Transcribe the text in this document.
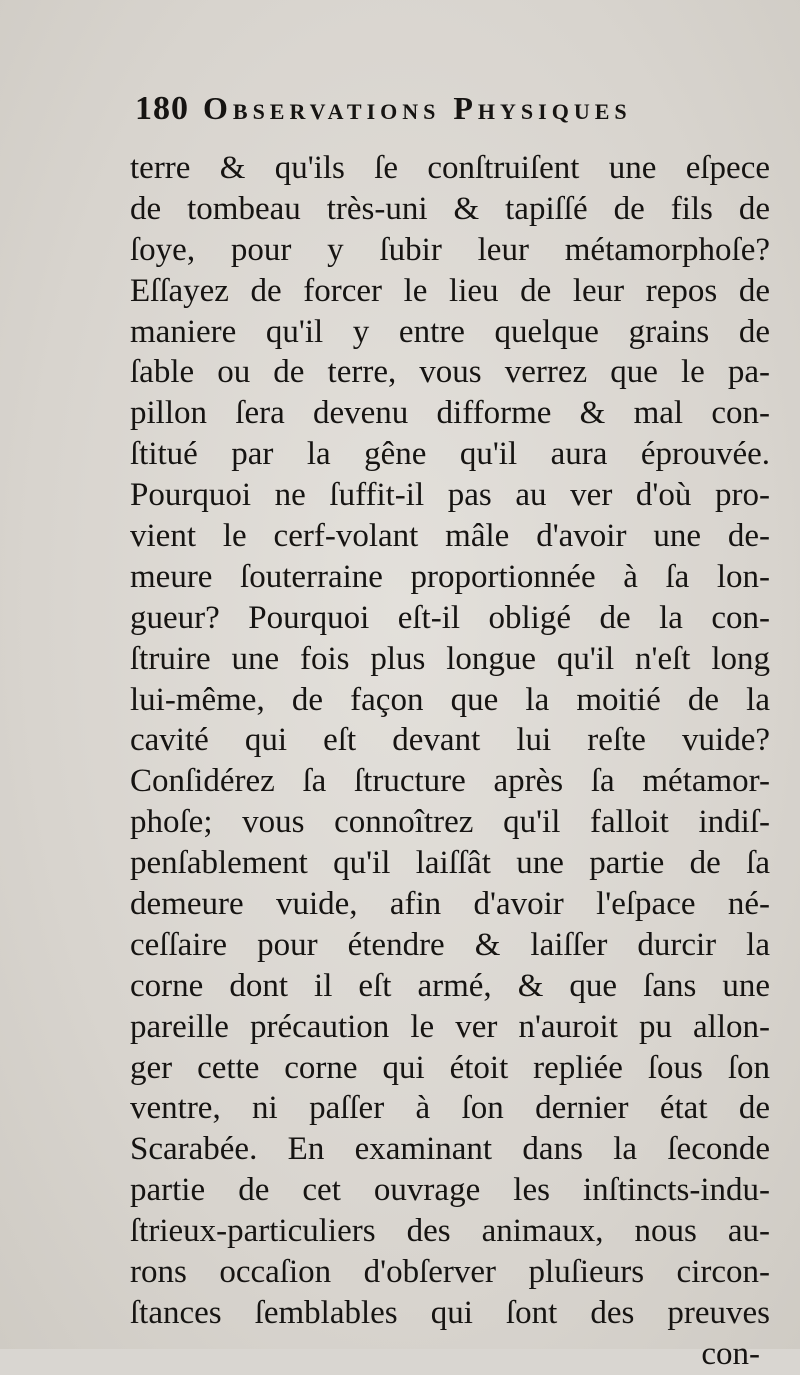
180 Observations Physiques
terre & qu'ils ſe conſtruiſent une eſpece
de tombeau très-uni & tapiſſé de fils de
ſoye, pour y ſubir leur métamorphoſe?
Eſſayez de forcer le lieu de leur repos de
maniere qu'il y entre quelque grains de
ſable ou de terre, vous verrez que le pa-
pillon ſera devenu difforme & mal con-
ſtitué par la gêne qu'il aura éprouvée.
Pourquoi ne ſuffit-il pas au ver d'où pro-
vient le cerf-volant mâle d'avoir une de-
meure ſouterraine proportionnée à ſa lon-
gueur? Pourquoi eſt-il obligé de la con-
ſtruire une fois plus longue qu'il n'eſt long
lui-même, de façon que la moitié de la
cavité qui eſt devant lui reſte vuide?
Conſidérez ſa ſtructure après ſa métamor-
phoſe; vous connoîtrez qu'il falloit indiſ-
penſablement qu'il laiſſât une partie de ſa
demeure vuide, afin d'avoir l'eſpace né-
ceſſaire pour étendre & laiſſer durcir la
corne dont il eſt armé, & que ſans une
pareille précaution le ver n'auroit pu allon-
ger cette corne qui étoit repliée ſous ſon
ventre, ni paſſer à ſon dernier état de
Scarabée. En examinant dans la ſeconde
partie de cet ouvrage les inſtincts-indu-
ſtrieux-particuliers des animaux, nous au-
rons occaſion d'obſerver pluſieurs circon-
ſtances ſemblables qui ſont des preuves
con-
